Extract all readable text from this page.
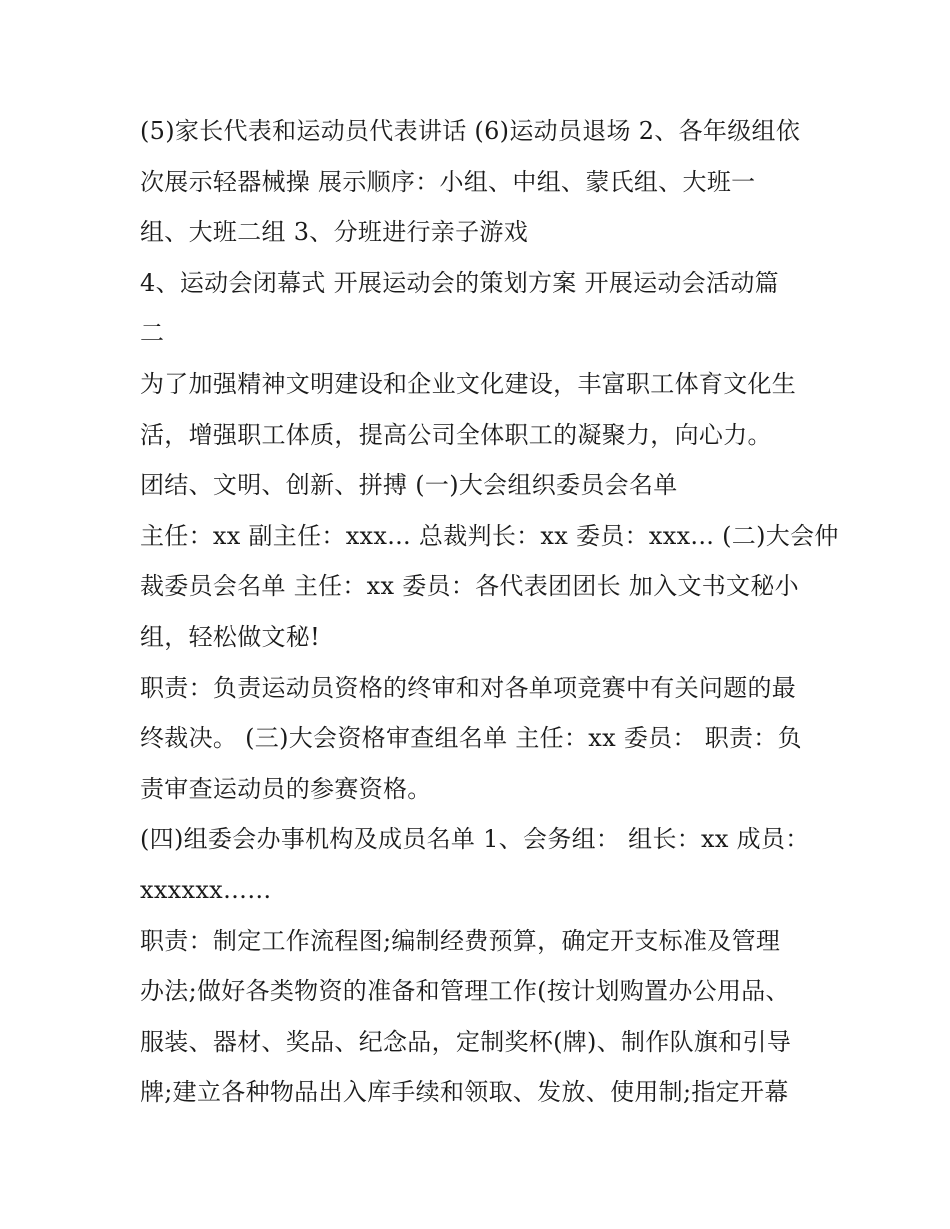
(5)家长代表和运动员代表讲话 (6)运动员退场 2、各年级组依
次展示轻器械操 展示顺序：小组、中组、蒙氏组、大班一
组、大班二组 3、分班进行亲子游戏
4、运动会闭幕式 开展运动会的策划方案 开展运动会活动篇
二
为了加强精神文明建设和企业文化建设，丰富职工体育文化生
活，增强职工体质，提高公司全体职工的凝聚力，向心力。
团结、文明、创新、拼搏 (一)大会组织委员会名单
主任：xx 副主任：xxx... 总裁判长：xx 委员：xxx... (二)大会仲
裁委员会名单 主任：xx 委员：各代表团团长 加入文书文秘小
组，轻松做文秘!
职责：负责运动员资格的终审和对各单项竞赛中有关问题的最
终裁决。 (三)大会资格审查组名单 主任：xx 委员： 职责：负
责审查运动员的参赛资格。
(四)组委会办事机构及成员名单 1、会务组： 组长：xx 成员：
xxxxxx……
职责：制定工作流程图;编制经费预算，确定开支标准及管理
办法;做好各类物资的准备和管理工作(按计划购置办公用品、
服装、器材、奖品、纪念品，定制奖杯(牌)、制作队旗和引导
牌;建立各种物品出入库手续和领取、发放、使用制;指定开幕
